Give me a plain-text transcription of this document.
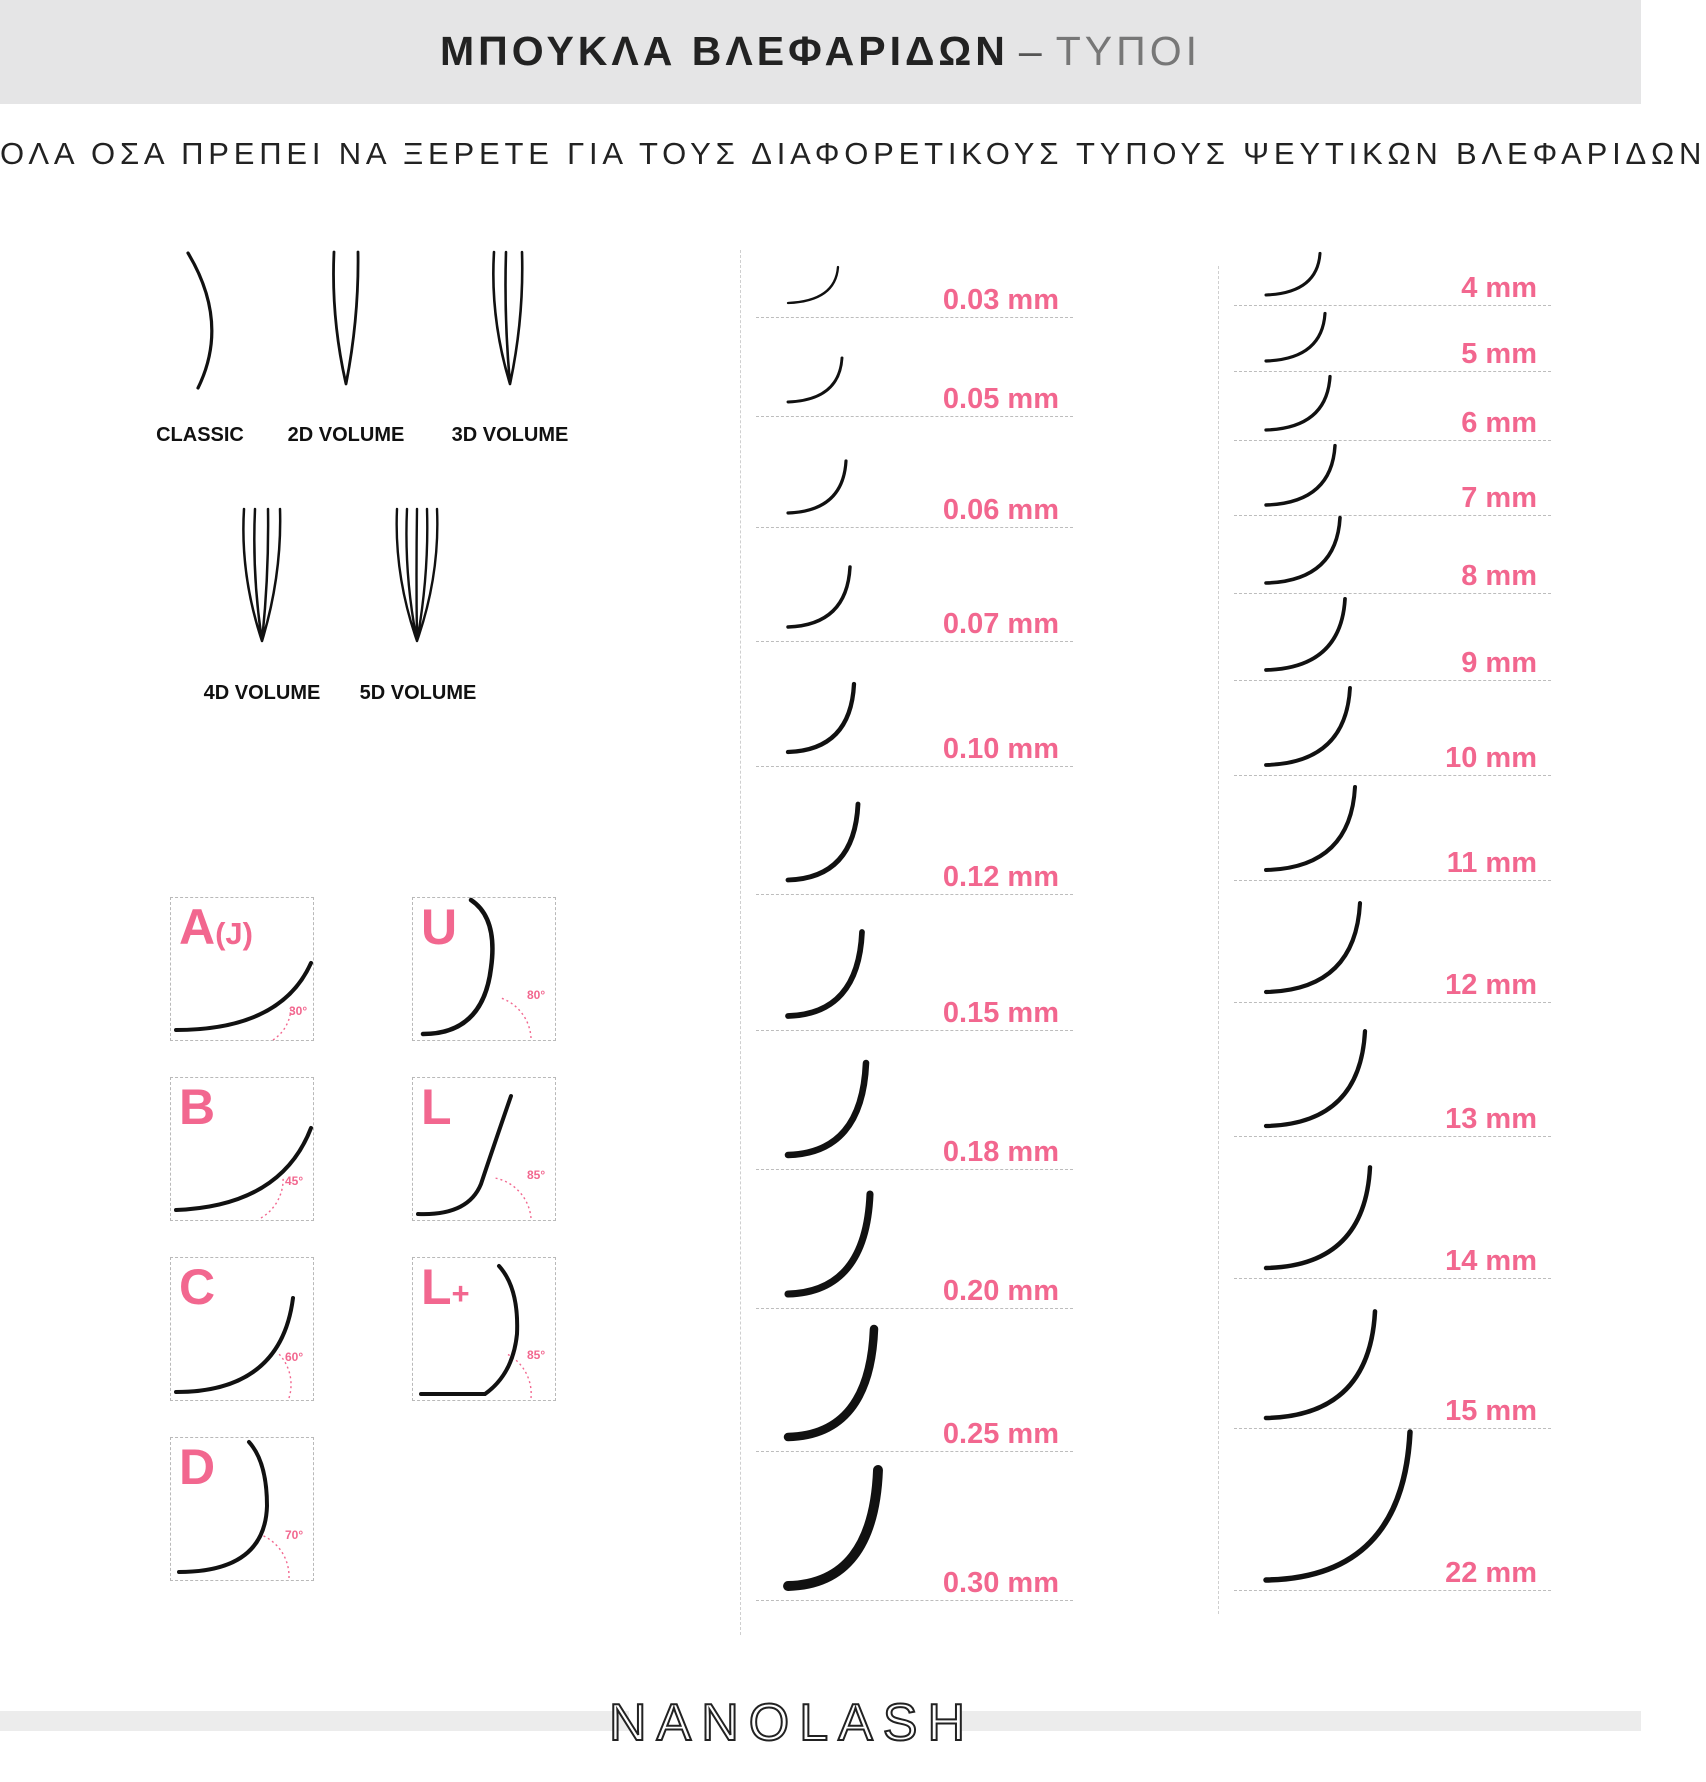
ΜΠΟΥΚΛΑ ΒΛΕΦΑΡΙΔΩΝ – ΤΥΠΟΙ
ΟΛΑ ΟΣΑ ΠΡΕΠΕΙ ΝΑ ΞΕΡΕΤΕ ΓΙΑ ΤΟΥΣ ΔΙΑΦΟΡΕΤΙΚΟΥΣ ΤΥΠΟΥΣ ΨΕΥΤΙΚΩΝ ΒΛΕΦΑΡΙΔΩΝ
CLASSIC	2D VOLUME	3D VOLUME
4D VOLUME	5D VOLUME
A(J)
30°
U
80°
B
45°
L
85°
C
60°
L+
85°
D
70°
0.03 mm
0.05 mm
0.06 mm
0.07 mm
0.10 mm
0.12 mm
0.15 mm
0.18 mm
0.20 mm
0.25 mm
0.30 mm
4 mm
5 mm
6 mm
7 mm
8 mm
9 mm
10 mm
11 mm
12 mm
13 mm
14 mm
15 mm
22 mm
NANOLASH
